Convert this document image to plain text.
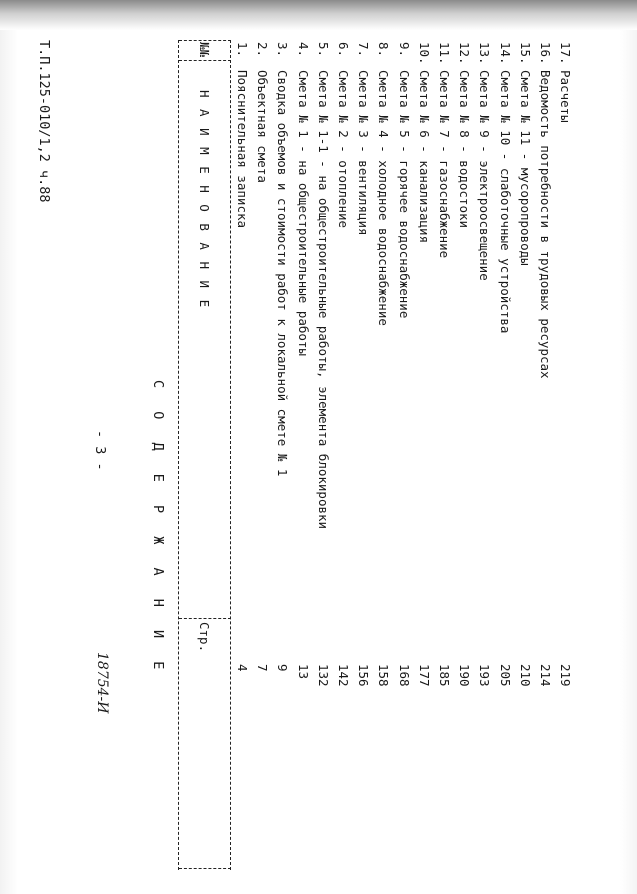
Т.П.125-010/1,2 ч.88
- 3 -
18754-И
С О Д Е Р Ж А Н И Е
№№
Н А И М Е Н О В А Н И Е
Стр.
1.
Пояснительная записка
4
2.
Объектная смета
7
3.
Сводка объемов и стоимости работ к локальной смете № 1
9
4.
Смета № 1 - на общестроительные работы
13
5.
Смета № 1-1 - на общестроительные работы, элемента блокировки
132
6.
Смета № 2 - отопление
142
7.
Смета № 3 - вентиляция
156
8.
Смета № 4 - холодное водоснабжение
158
9.
Смета № 5 - горячее водоснабжение
168
10.
Смета № 6 - канализация
177
11.
Смета № 7 - газоснабжение
185
12.
Смета № 8 - водостоки
190
13.
Смета № 9 - электроосвещение
193
14.
Смета № 10 - слаботочные устройства
205
15.
Смета № 11 - мусоропроводы
210
16.
Ведомость потребности в трудовых ресурсах
214
17.
Расчеты
219
